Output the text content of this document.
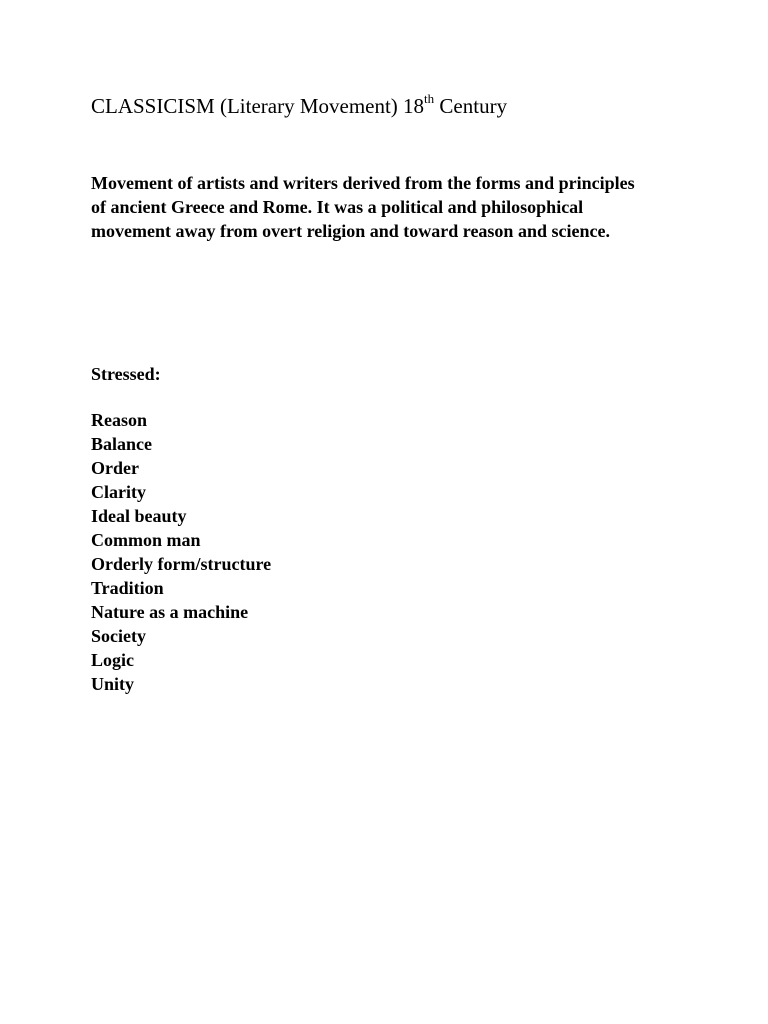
CLASSICISM (Literary Movement) 18th Century

Movement of artists and writers derived from the forms and principles of ancient Greece and Rome. It was a political and philosophical movement away from overt religion and toward reason and science.

Stressed:

Reason
Balance
Order
Clarity
Ideal beauty
Common man
Orderly form/structure
Tradition
Nature as a machine
Society
Logic
Unity
